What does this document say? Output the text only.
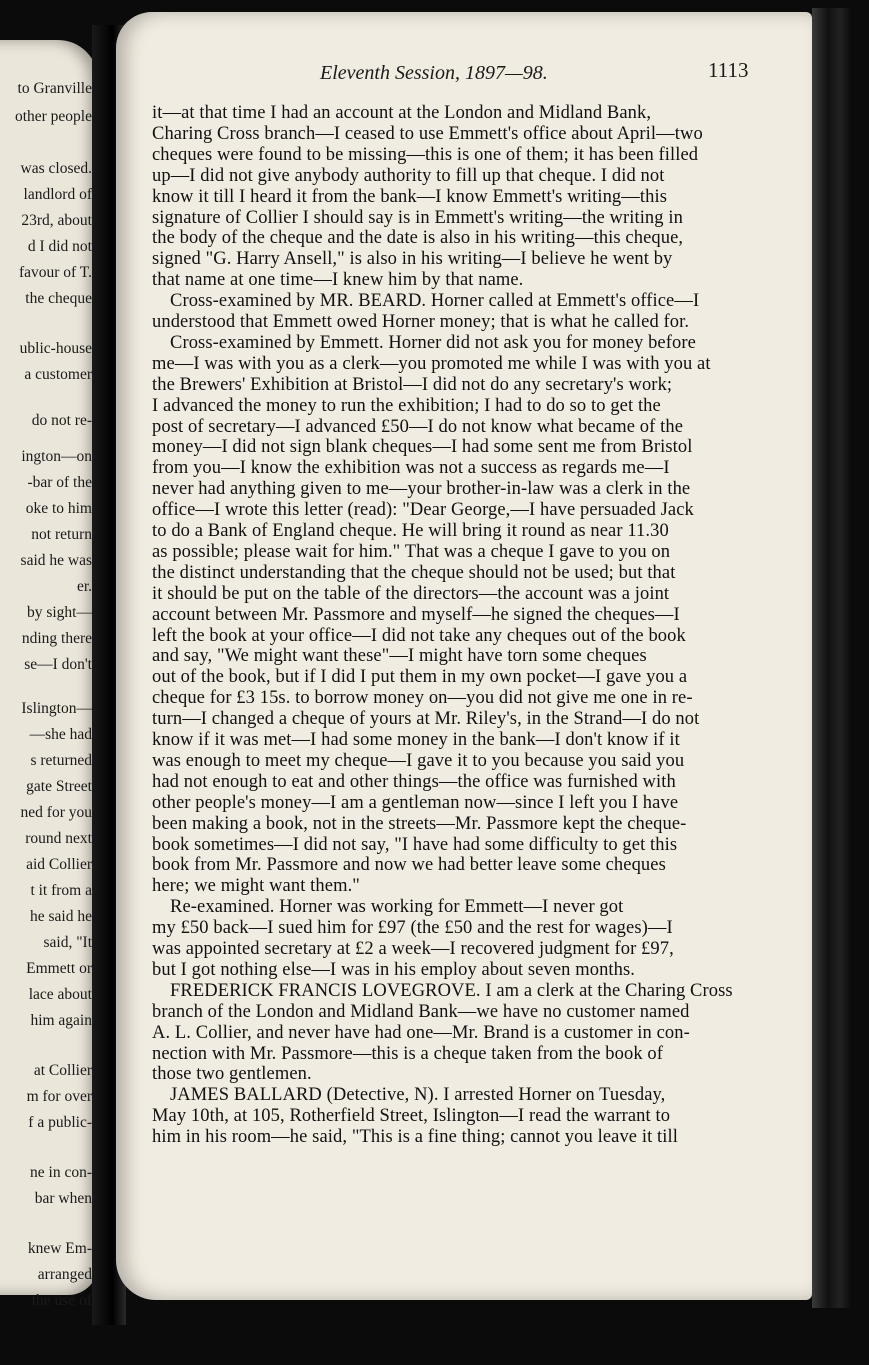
to Granville
other people
was closed.
landlord of
23rd, about
d I did not
favour of T.
the cheque
ublic-house
a customer
do not re-
ington—on
-bar of the
oke to him
not return
said he was
er.
by sight—
nding there
se—I don't
Islington—
—she had
s returned
gate Street
ned for you
round next
aid Collier
t it from a
he said he
said, "It
Emmett or
lace about
him again
at Collier
m for over
f a public-
ne in con-
bar when
knew Em-
arranged
the use of
Eleventh Session, 1897—98.	1113
it—at that time I had an account at the London and Midland Bank,
Charing Cross branch—I ceased to use Emmett's office about April—two
cheques were found to be missing—this is one of them; it has been filled
up—I did not give anybody authority to fill up that cheque. I did not
know it till I heard it from the bank—I know Emmett's writing—this
signature of Collier I should say is in Emmett's writing—the writing in
the body of the cheque and the date is also in his writing—this cheque,
signed "G. Harry Ansell," is also in his writing—I believe he went by
that name at one time—I knew him by that name.
Cross-examined by MR. BEARD. Horner called at Emmett's office—I
understood that Emmett owed Horner money; that is what he called for.
Cross-examined by Emmett. Horner did not ask you for money before
me—I was with you as a clerk—you promoted me while I was with you at
the Brewers' Exhibition at Bristol—I did not do any secretary's work;
I advanced the money to run the exhibition; I had to do so to get the
post of secretary—I advanced £50—I do not know what became of the
money—I did not sign blank cheques—I had some sent me from Bristol
from you—I know the exhibition was not a success as regards me—I
never had anything given to me—your brother-in-law was a clerk in the
office—I wrote this letter (read): "Dear George,—I have persuaded Jack
to do a Bank of England cheque. He will bring it round as near 11.30
as possible; please wait for him." That was a cheque I gave to you on
the distinct understanding that the cheque should not be used; but that
it should be put on the table of the directors—the account was a joint
account between Mr. Passmore and myself—he signed the cheques—I
left the book at your office—I did not take any cheques out of the book
and say, "We might want these"—I might have torn some cheques
out of the book, but if I did I put them in my own pocket—I gave you a
cheque for £3 15s. to borrow money on—you did not give me one in re-
turn—I changed a cheque of yours at Mr. Riley's, in the Strand—I do not
know if it was met—I had some money in the bank—I don't know if it
was enough to meet my cheque—I gave it to you because you said you
had not enough to eat and other things—the office was furnished with
other people's money—I am a gentleman now—since I left you I have
been making a book, not in the streets—Mr. Passmore kept the cheque-
book sometimes—I did not say, "I have had some difficulty to get this
book from Mr. Passmore and now we had better leave some cheques
here; we might want them."
Re-examined. Horner was working for Emmett—I never got
my £50 back—I sued him for £97 (the £50 and the rest for wages)—I
was appointed secretary at £2 a week—I recovered judgment for £97,
but I got nothing else—I was in his employ about seven months.
FREDERICK FRANCIS LOVEGROVE. I am a clerk at the Charing Cross
branch of the London and Midland Bank—we have no customer named
A. L. Collier, and never have had one—Mr. Brand is a customer in con-
nection with Mr. Passmore—this is a cheque taken from the book of
those two gentlemen.
JAMES BALLARD (Detective, N). I arrested Horner on Tuesday,
May 10th, at 105, Rotherfield Street, Islington—I read the warrant to
him in his room—he said, "This is a fine thing; cannot you leave it till
